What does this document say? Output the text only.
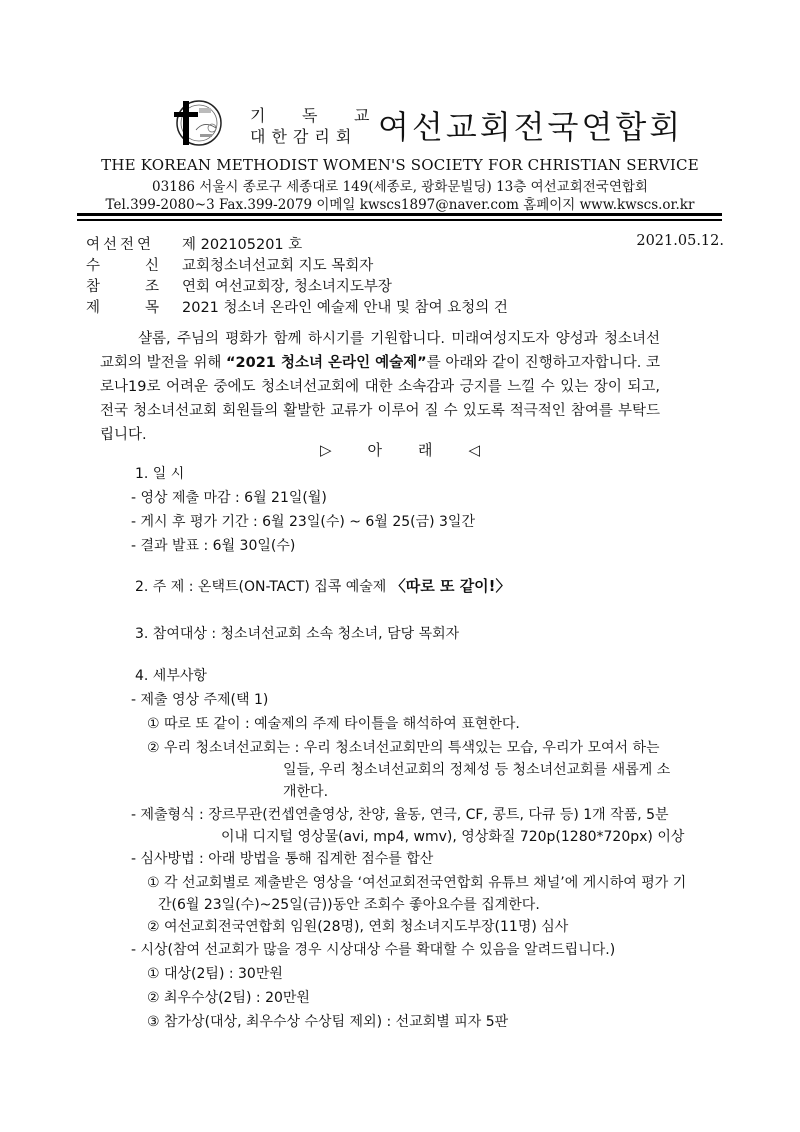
기 독 교
대한감리회 여선교회전국연합회
THE KOREAN METHODIST WOMEN'S SOCIETY FOR CHRISTIAN SERVICE
03186 서울시 종로구 세종대로 149(세종로, 광화문빌딩) 13층 여선교회전국연합회
Tel.399-2080~3 Fax.399-2079 이메일 kwscs1897@naver.com 홈페이지 www.kwscs.or.kr
여선전연 제 202105201 호	2021.05.12.
수신교회청소녀선교회 지도 목회자
참조연회 여선교회장, 청소녀지도부장
제목2021 청소녀 온라인 예술제 안내 및 참여 요청의 건
샬롬, 주님의 평화가 함께 하시기를 기원합니다. 미래여성지도자 양성과 청소녀선교회의 발전을 위해 “2021 청소녀 온라인 예술제”를 아래와 같이 진행하고자합니다. 코로나19로 어려운 중에도 청소녀선교회에 대한 소속감과 긍지를 느낄 수 있는 장이 되고, 전국 청소녀선교회 회원들의 활발한 교류가 이루어 질 수 있도록 적극적인 참여를 부탁드립니다.
▷ 아 래 ◁
1. 일 시
- 영상 제출 마감 : 6월 21일(월)
- 게시 후 평가 기간 : 6월 23일(수) ~ 6월 25(금) 3일간
- 결과 발표 : 6월 30일(수)
2. 주 제 : 온택트(ON-TACT) 집콕 예술제 〈따로 또 같이!〉
3. 참여대상 : 청소녀선교회 소속 청소녀, 담당 목회자
4. 세부사항
- 제출 영상 주제(택 1)
① 따로 또 같이 : 예술제의 주제 타이틀을 해석하여 표현한다.
② 우리 청소녀선교회는 : 우리 청소녀선교회만의 특색있는 모습, 우리가 모여서 하는
일들, 우리 청소녀선교회의 정체성 등 청소녀선교회를 새롭게 소
개한다.
- 제출형식 : 장르무관(컨셉연출영상, 찬양, 율동, 연극, CF, 콩트, 다큐 등) 1개 작품, 5분
이내 디지털 영상물(avi, mp4, wmv), 영상화질 720p(1280*720px) 이상
- 심사방법 : 아래 방법을 통해 집계한 점수를 합산
① 각 선교회별로 제출받은 영상을 ‘여선교회전국연합회 유튜브 채널’에 게시하여 평가 기
간(6월 23일(수)~25일(금))동안 조회수 좋아요수를 집계한다.
② 여선교회전국연합회 임원(28명), 연회 청소녀지도부장(11명) 심사
- 시상(참여 선교회가 많을 경우 시상대상 수를 확대할 수 있음을 알려드립니다.)
① 대상(2팀) : 30만원
② 최우수상(2팀) : 20만원
③ 참가상(대상, 최우수상 수상팀 제외) : 선교회별 피자 5판
